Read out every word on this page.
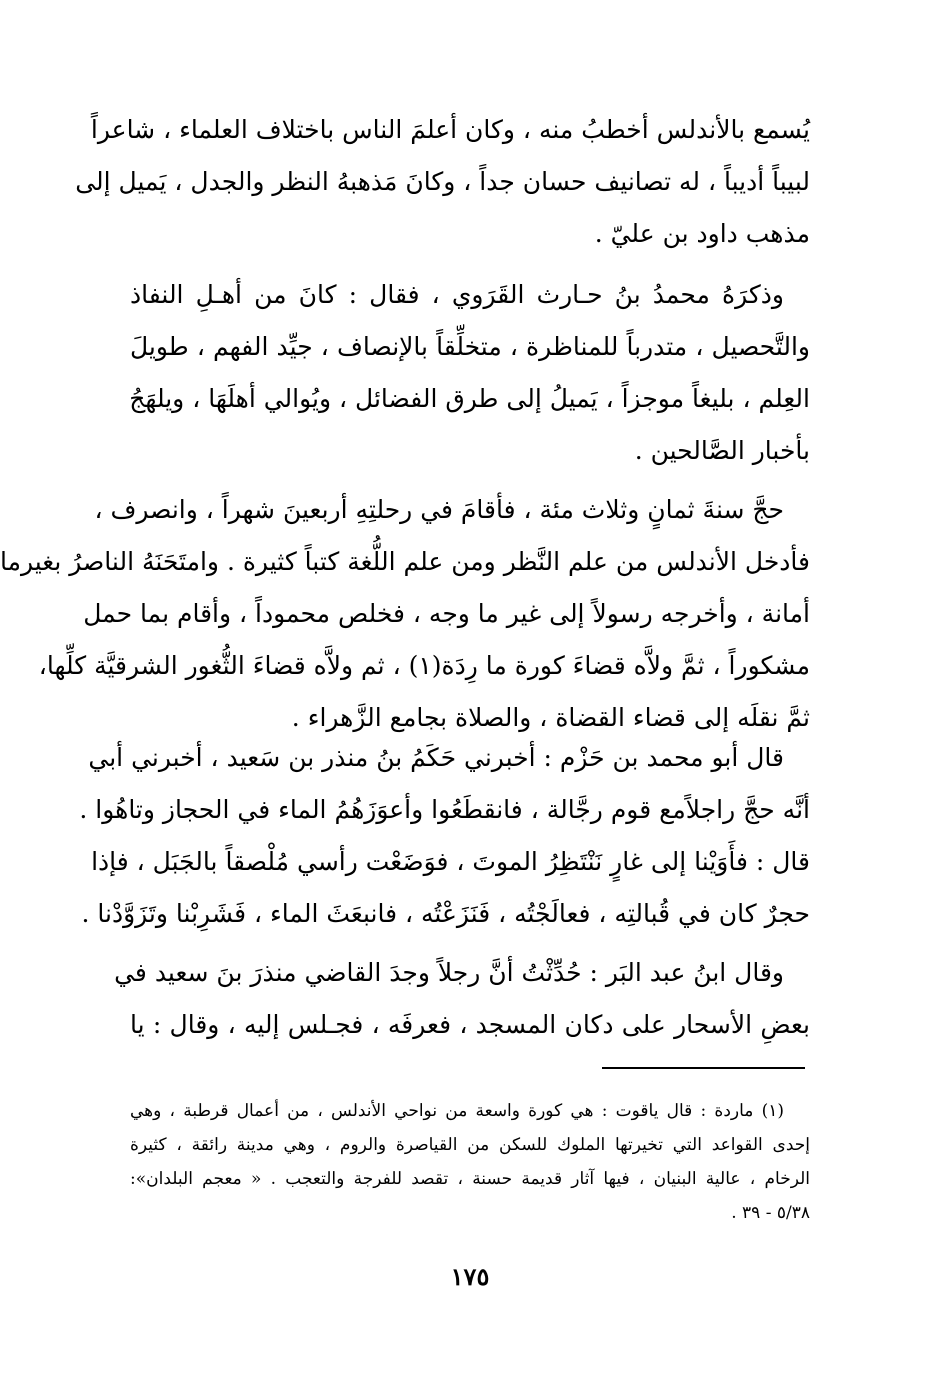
يُسمع بالأندلس أخطبُ منه ، وكان أعلمَ الناس باختلاف العلماء ، شاعراً
لبيباً أديباً ، له تصانيف حسان جداً ، وكانَ مَذهبهُ النظر والجدل ، يَميل إلى
مذهب داود بن عليّ .

وذكرَهُ محمدُ بنُ حـارث القَرَوي ، فقال : كانَ من أهـلِ النفاذ
والتَّحصيل ، متدرباً للمناظرة ، متخلِّقاً بالإنصاف ، جيِّد الفهم ، طويلَ
العِلم ، بليغاً موجزاً ، يَميلُ إلى طرق الفضائل ، ويُوالي أهلَهَا ، ويلهَجُ
بأخبار الصَّالحين .

حجَّ سنةَ ثمانٍ وثلاث مئة ، فأقامَ في رحلتِهِ أربعينَ شهراً ، وانصرف ،
فأدخل الأندلس من علم النَّظر ومن علم اللُّغة كتباً كثيرة . وامتَحَنَهُ الناصرُ بغيرما
أمانة ، وأخرجه رسولاً إلى غير ما وجه ، فخلص محموداً ، وأقام بما حمل
مشكوراً ، ثمَّ ولاَّه قضاءَ كورة ما رِدَة(١) ، ثم ولاَّه قضاءَ الثُّغور الشرقيَّة كلِّها،
ثمَّ نقلَه إلى قضاء القضاة ، والصلاة بجامع الزَّهراء .

قال أبو محمد بن حَزْم : أخبرني حَكَمُ بنُ منذر بن سَعيد ، أخبرني أبي
أنَّه حجَّ راجلاًمع قوم رجَّالة ، فانقطَعُوا وأعوَزَهُمُ الماء في الحجاز وتاهُوا .
قال : فأَوَيْنا إلى غارٍ نَنْتَظِرُ الموتَ ، فوَضَعْت رأسي مُلْصقاً بالجَبَل ، فإذا
حجرٌ كان في قُبالتِه ، فعالَجْتُه ، فَنَزَعْتُه ، فانبعَثَ الماء ، فَشَرِبْنا وتَزَوَّدْنا .

وقال ابنُ عبد البَر : حُدِّثْتُ أنَّ رجلاً وجدَ القاضي منذرَ بنَ سعيد في
بعضِ الأسحار على دكان المسجد ، فعرفَه ، فجـلس إليه ، وقال : يا

(١) ماردة : قال ياقوت : هي كورة واسعة من نواحي الأندلس ، من أعمال قرطبة ، وهي
إحدى القواعد التي تخيرتها الملوك للسكن من القياصرة والروم ، وهي مدينة رائقة ، كثيرة
الرخام ، عالية البنيان ، فيها آثار قديمة حسنة ، تقصد للفرجة والتعجب . « معجم البلدان»:
٥/٣٨ - ٣٩ .
١٧٥
